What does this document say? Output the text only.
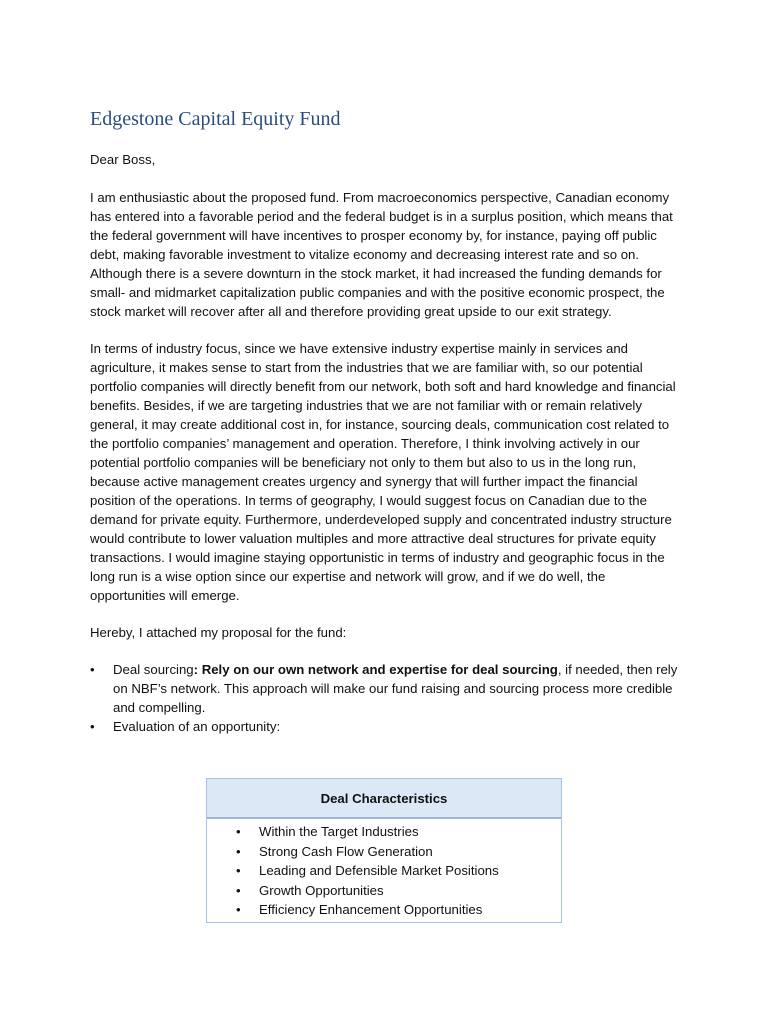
Edgestone Capital Equity Fund

Dear Boss,

I am enthusiastic about the proposed fund. From macroeconomics perspective, Canadian economy has entered into a favorable period and the federal budget is in a surplus position, which means that the federal government will have incentives to prosper economy by, for instance, paying off public debt, making favorable investment to vitalize economy and decreasing interest rate and so on. Although there is a severe downturn in the stock market, it had increased the funding demands for small- and midmarket capitalization public companies and with the positive economic prospect, the stock market will recover after all and therefore providing great upside to our exit strategy.

In terms of industry focus, since we have extensive industry expertise mainly in services and agriculture, it makes sense to start from the industries that we are familiar with, so our potential portfolio companies will directly benefit from our network, both soft and hard knowledge and financial benefits. Besides, if we are targeting industries that we are not familiar with or remain relatively general, it may create additional cost in, for instance, sourcing deals, communication cost related to the portfolio companies’ management and operation. Therefore, I think involving actively in our potential portfolio companies will be beneficiary not only to them but also to us in the long run, because active management creates urgency and synergy that will further impact the financial position of the operations. In terms of geography, I would suggest focus on Canadian due to the demand for private equity. Furthermore, underdeveloped supply and concentrated industry structure would contribute to lower valuation multiples and more attractive deal structures for private equity transactions. I would imagine staying opportunistic in terms of industry and geographic focus in the long run is a wise option since our expertise and network will grow, and if we do well, the opportunities will emerge.

Hereby, I attached my proposal for the fund:

• Deal sourcing: Rely on our own network and expertise for deal sourcing, if needed, then rely on NBF’s network. This approach will make our fund raising and sourcing process more credible and compelling.
• Evaluation of an opportunity:
Deal Characteristics
• Within the Target Industries
• Strong Cash Flow Generation
• Leading and Defensible Market Positions
• Growth Opportunities
• Efficiency Enhancement Opportunities
